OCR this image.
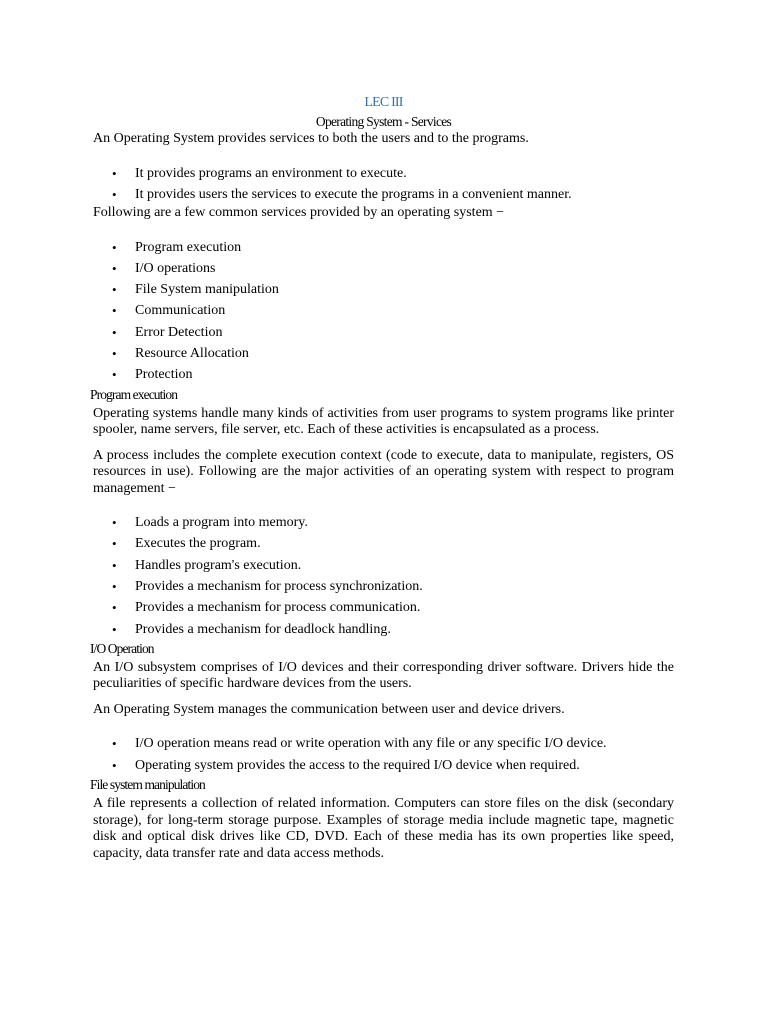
LEC III
Operating System - Services

An Operating System provides services to both the users and to the programs.

• It provides programs an environment to execute.
• It provides users the services to execute the programs in a convenient manner.

Following are a few common services provided by an operating system −

• Program execution
• I/O operations
• File System manipulation
• Communication
• Error Detection
• Resource Allocation
• Protection
Program execution

Operating systems handle many kinds of activities from user programs to system programs like printer spooler, name servers, file server, etc. Each of these activities is encapsulated as a process.

A process includes the complete execution context (code to execute, data to manipulate, registers, OS resources in use). Following are the major activities of an operating system with respect to program management −

• Loads a program into memory.
• Executes the program.
• Handles program's execution.
• Provides a mechanism for process synchronization.
• Provides a mechanism for process communication.
• Provides a mechanism for deadlock handling.
I/O Operation

An I/O subsystem comprises of I/O devices and their corresponding driver software. Drivers hide the peculiarities of specific hardware devices from the users.

An Operating System manages the communication between user and device drivers.

• I/O operation means read or write operation with any file or any specific I/O device.
• Operating system provides the access to the required I/O device when required.
File system manipulation

A file represents a collection of related information. Computers can store files on the disk (secondary storage), for long-term storage purpose. Examples of storage media include magnetic tape, magnetic disk and optical disk drives like CD, DVD. Each of these media has its own properties like speed, capacity, data transfer rate and data access methods.
